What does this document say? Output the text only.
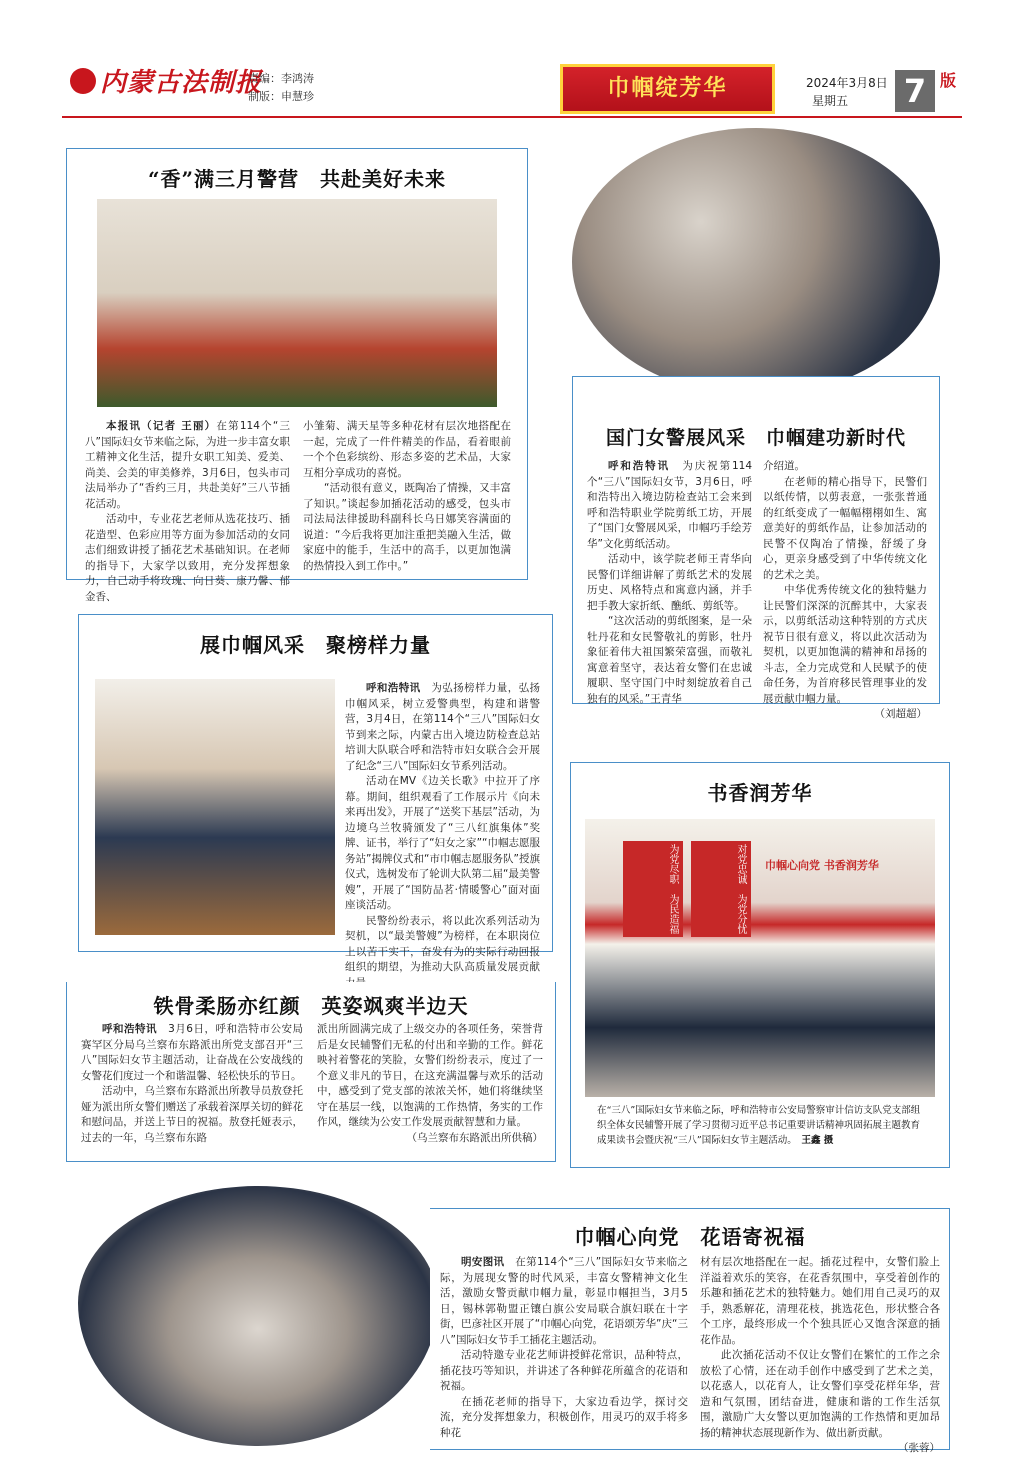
内蒙古法制报
责编：李鸿涛
制版：申慧珍	巾帼绽芳华	2024年3月8日
星期五 7 版
“香”满三月警营　共赴美好未来

本报讯（记者 王丽）在第114个“三八”国际妇女节来临之际，为进一步丰富女职工精神文化生活，提升女职工知美、爱美、尚美、会美的审美修养，3月6日，包头市司法局举办了“香约三月，共赴美好”三八节插花活动。

活动中，专业花艺老师从选花技巧、插花造型、色彩应用等方面为参加活动的女同志们细致讲授了插花艺术基础知识。在老师的指导下，大家学以致用，充分发挥想象力，自己动手将玫瑰、向日葵、康乃馨、郁金香、

小雏菊、满天星等多种花材有层次地搭配在一起，完成了一件件精美的作品，看着眼前一个个色彩缤纷、形态多姿的艺术品，大家互相分享成功的喜悦。

“活动很有意义，既陶冶了情操，又丰富了知识。”谈起参加插花活动的感受，包头市司法局法律援助科副科长乌日娜笑容满面的说道：“今后我将更加注重把美融入生活，做家庭中的能手，生活中的高手，以更加饱满的热情投入到工作中。”

国门女警展风采　巾帼建功新时代

呼和浩特讯　 为庆祝第114个“三八”国际妇女节，3月6日，呼和浩特出入境边防检查站工会来到呼和浩特职业学院剪纸工坊，开展了“国门女警展风采，巾帼巧手绘芳华”文化剪纸活动。

活动中，该学院老师王青华向民警们详细讲解了剪纸艺术的发展历史、风格特点和寓意内涵，并手把手教大家折纸、醮纸、剪纸等。

“这次活动的剪纸图案，是一朵牡丹花和女民警敬礼的剪影，牡丹象征着伟大祖国繁荣富强，而敬礼寓意着坚守，表达着女警们在忠诚履职、坚守国门中时刻绽放着自己独有的风采。”王青华

介绍道。

在老师的精心指导下，民警们以纸传情，以剪表意，一张张普通的红纸变成了一幅幅栩栩如生、寓意美好的剪纸作品，让参加活动的民警不仅陶冶了情操，舒缓了身心，更亲身感受到了中华传统文化的艺术之美。

中华优秀传统文化的独特魅力让民警们深深的沉醉其中，大家表示，以剪纸活动这种特别的方式庆祝节日很有意义，将以此次活动为契机，以更加饱满的精神和昂扬的斗志，全力完成党和人民赋予的使命任务，为首府移民管理事业的发展贡献巾帼力量。

（刘超超）
展巾帼风采　聚榜样力量

呼和浩特讯　 为弘扬榜样力量，弘扬巾帼风采，树立爱警典型，构建和谐警营，3月4日，在第114个“三八”国际妇女节到来之际，内蒙古出入境边防检查总站培训大队联合呼和浩特市妇女联合会开展了纪念“三八”国际妇女节系列活动。

活动在MV《边关长歌》中拉开了序幕。期间，组织观看了工作展示片《向未来再出发》，开展了“送奖下基层”活动，为边境乌兰牧骑颁发了“三八红旗集体”奖牌、证书，举行了“妇女之家”“巾帼志愿服务站”揭牌仪式和“市巾帼志愿服务队”授旗仪式，选树发布了轮训大队第二届“最美警嫂”，开展了“国防品茗·情暖警心”面对面座谈活动。

民警纷纷表示，将以此次系列活动为契机，以“最美警嫂”为榜样，在本职岗位上以苦干实干，奋发有为的实际行动回报组织的期望，为推动大队高质量发展贡献

书香润芳华
为党尽职　为民造福	对党忠诚　为党分忧	巾帼心向党 书香润芳华
在“三八”国际妇女节来临之际，呼和浩特市公安局警察审计信访支队党支部组织全体女民辅警开展了学习贯彻习近平总书记重要讲话精神巩固拓展主题教育成果读书会暨庆祝“三八”国际妇女节主题活动。　 王鑫 摄
铁骨柔肠亦红颜　英姿飒爽半边天

呼和浩特讯　 3月6日，呼和浩特市公安局赛罕区分局乌兰察布东路派出所党支部召开“三八”国际妇女节主题活动，让奋战在公安战线的女警花们度过一个和谐温馨、轻松快乐的节日。

活动中，乌兰察布东路派出所教导员敖登托娅为派出所女警们赠送了承载着深厚关切的鲜花和慰问品，并送上节日的祝福。敖登托娅表示，过去的一年，乌兰察布东路

派出所圆满完成了上级交办的各项任务，荣誉背后是女民辅警们无私的付出和辛勤的工作。鲜花映衬着警花的笑脸，女警们纷纷表示，度过了一个意义非凡的节日，在这充满温馨与欢乐的活动中，感受到了党支部的浓浓关怀，她们将继续坚守在基层一线，以饱满的工作热情，务实的工作作风，继续为公安工作发展贡献智慧和力量。

（乌兰察布东路派出所供稿）
巾帼心向党　花语寄祝福

明安图讯　 在第114个“三八”国际妇女节来临之际，为展现女警的时代风采，丰富女警精神文化生活，激励女警贡献巾帼力量，彰显巾帼担当，3月5日，锡林郭勒盟正镶白旗公安局联合旗妇联在十字街，巴彦社区开展了“巾帼心向党，花语颂芳华”庆“三八”国际妇女节手工插花主题活动。

活动特邀专业花艺师讲授鲜花常识，品种特点，插花技巧等知识，并讲述了各种鲜花所蕴含的花语和祝福。

在插花老师的指导下，大家边看边学，探讨交流，充分发挥想象力，积极创作，用灵巧的双手将多种花

材有层次地搭配在一起。插花过程中，女警们脸上洋溢着欢乐的笑容，在花香氛围中，享受着创作的乐趣和插花艺术的独特魅力。她们用自己灵巧的双手，熟悉解花，清理花枝，挑选花色，形状整合各个工序，最终形成一个个独具匠心又饱含深意的插花作品。

此次插花活动不仅让女警们在繁忙的工作之余放松了心情，还在动手创作中感受到了艺术之美，以花惑人，以花育人，让女警们享受花样年华，营造和气氛围，团结奋进，健康和谐的工作生活氛围，激励广大女警以更加饱满的工作热情和更加昂扬的精神状态展现新作为、做出新贡献。

（张蓉）
